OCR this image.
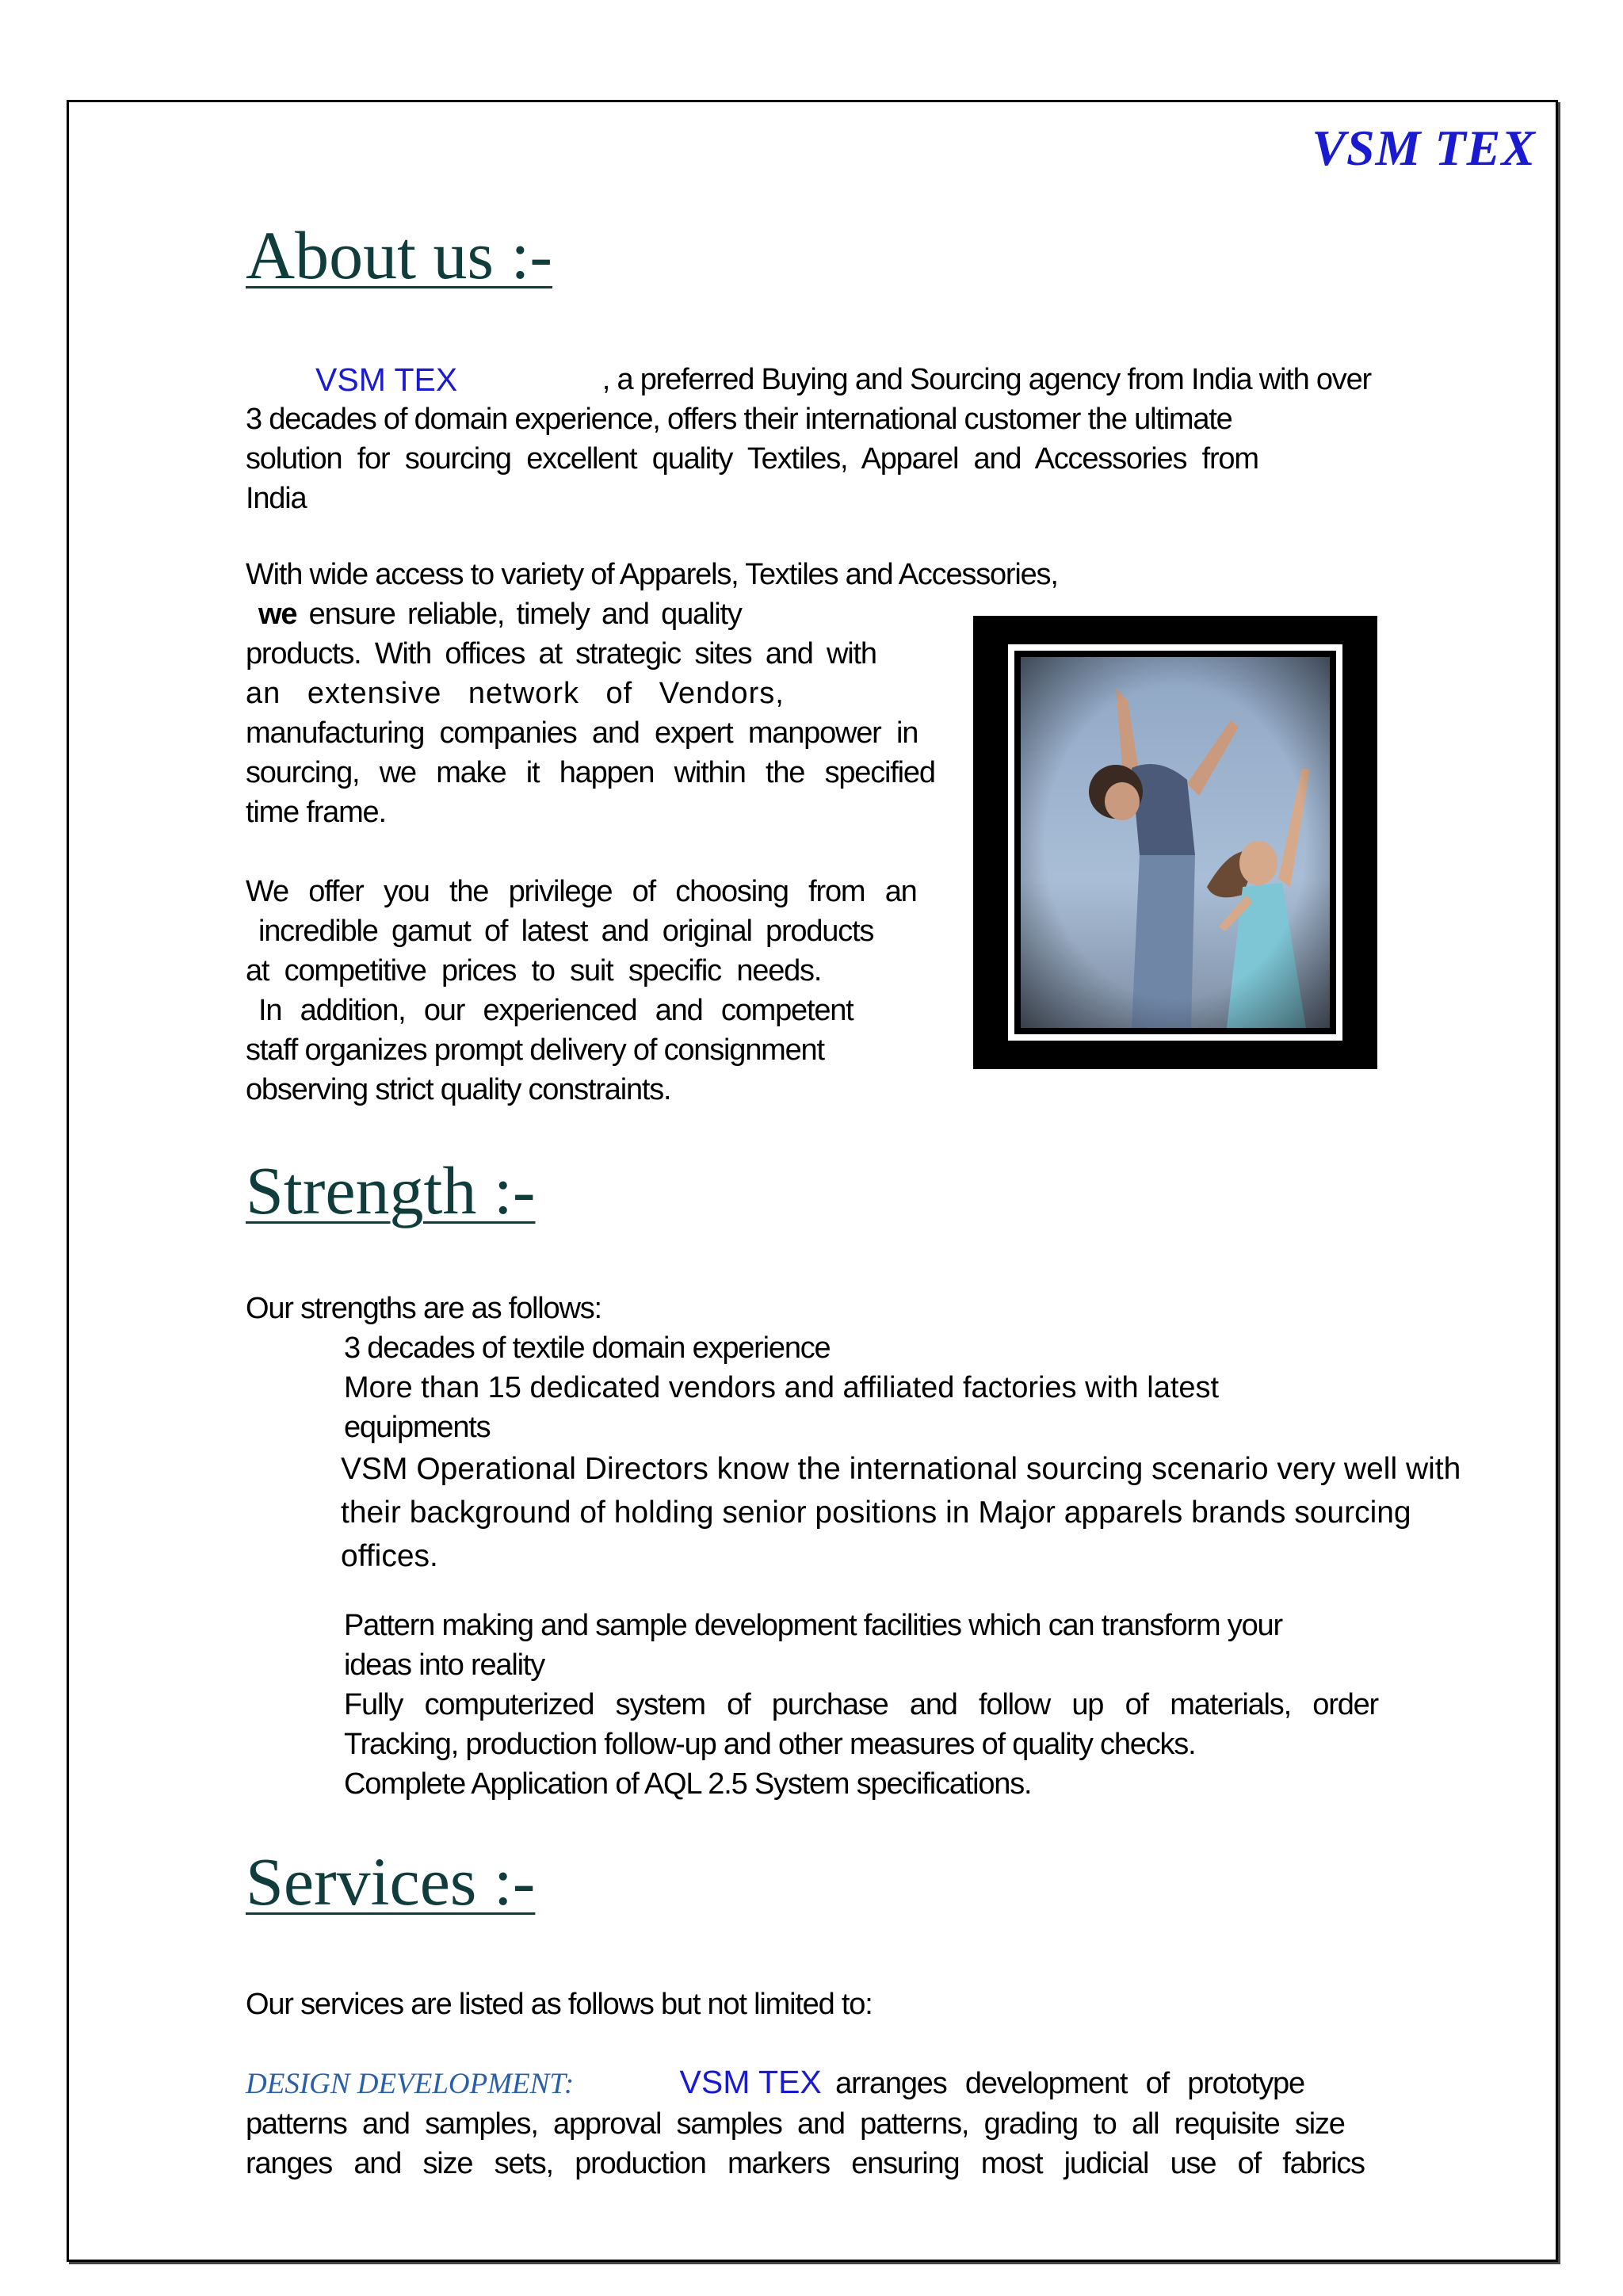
VSM TEX
About us :-
VSM TEX	, a preferred Buying and Sourcing agency from India with over
3 decades of domain experience, offers their international customer the ultimate
solution for sourcing excellent quality Textiles, Apparel and Accessories from
India
With wide access to variety of Apparels, Textiles and Accessories,
we ensure reliable, timely and quality
products. With offices at strategic sites and with
an extensive network of Vendors,
manufacturing companies and expert manpower in
sourcing, we make it happen within the specified
time frame.
We offer you the privilege of choosing from an
incredible gamut of latest and original products
at competitive prices to suit specific needs.
In addition, our experienced and competent
staff organizes prompt delivery of consignment
observing strict quality constraints.
Strength :-
Our strengths are as follows:
3 decades of textile domain experience
More than 15 dedicated vendors and affiliated factories with latest
equipments
VSM Operational Directors know the international sourcing scenario very well with
their background of holding senior positions in Major apparels brands sourcing
offices.
Pattern making and sample development facilities which can transform your
ideas into reality
Fully computerized system of purchase and follow up of materials, order
Tracking, production follow-up and other measures of quality checks.
Complete Application of AQL 2.5 System specifications.
Services :-
Our services are listed as follows but not limited to:
DESIGN DEVELOPMENT:	VSM TEX arranges development of prototype
patterns and samples, approval samples and patterns, grading to all requisite size
ranges and size sets, production markers ensuring most judicial use of fabrics
